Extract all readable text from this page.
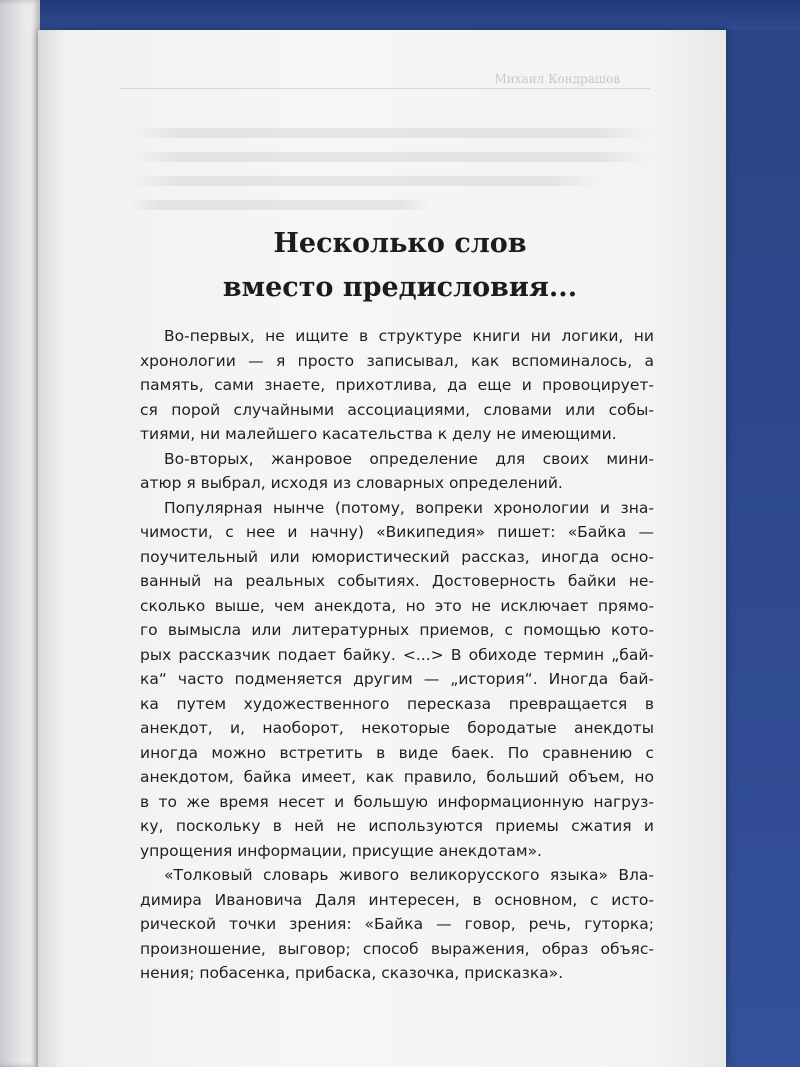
Михаил Кондрашов
Несколько слов
вместо предисловия...
Во-первых, не ищите в структуре книги ни логики, ни
хронологии — я просто записывал, как вспоминалось, а
память, сами знаете, прихотлива, да еще и провоцирует-
ся порой случайными ассоциациями, словами или собы-
тиями, ни малейшего касательства к делу не имеющими.
Во-вторых, жанровое определение для своих мини-
атюр я выбрал, исходя из словарных определений.
Популярная нынче (потому, вопреки хронологии и зна-
чимости, с нее и начну) «Википедия» пишет: «Байка —
поучительный или юмористический рассказ, иногда осно-
ванный на реальных событиях. Достоверность байки не-
сколько выше, чем анекдота, но это не исключает прямо-
го вымысла или литературных приемов, с помощью кото-
рых рассказчик подает байку. <...> В обиходе термин „бай-
ка“ часто подменяется другим — „история“. Иногда бай-
ка путем художественного пересказа превращается в
анекдот, и, наоборот, некоторые бородатые анекдоты
иногда можно встретить в виде баек. По сравнению с
анекдотом, байка имеет, как правило, больший объем, но
в то же время несет и большую информационную нагруз-
ку, поскольку в ней не используются приемы сжатия и
упрощения информации, присущие анекдотам».
«Толковый словарь живого великорусского языка» Вла-
димира Ивановича Даля интересен, в основном, с исто-
рической точки зрения: «Байка — говор, речь, гуторка;
произношение, выговор; способ выражения, образ объяс-
нения; побасенка, прибаска, сказочка, присказка».
